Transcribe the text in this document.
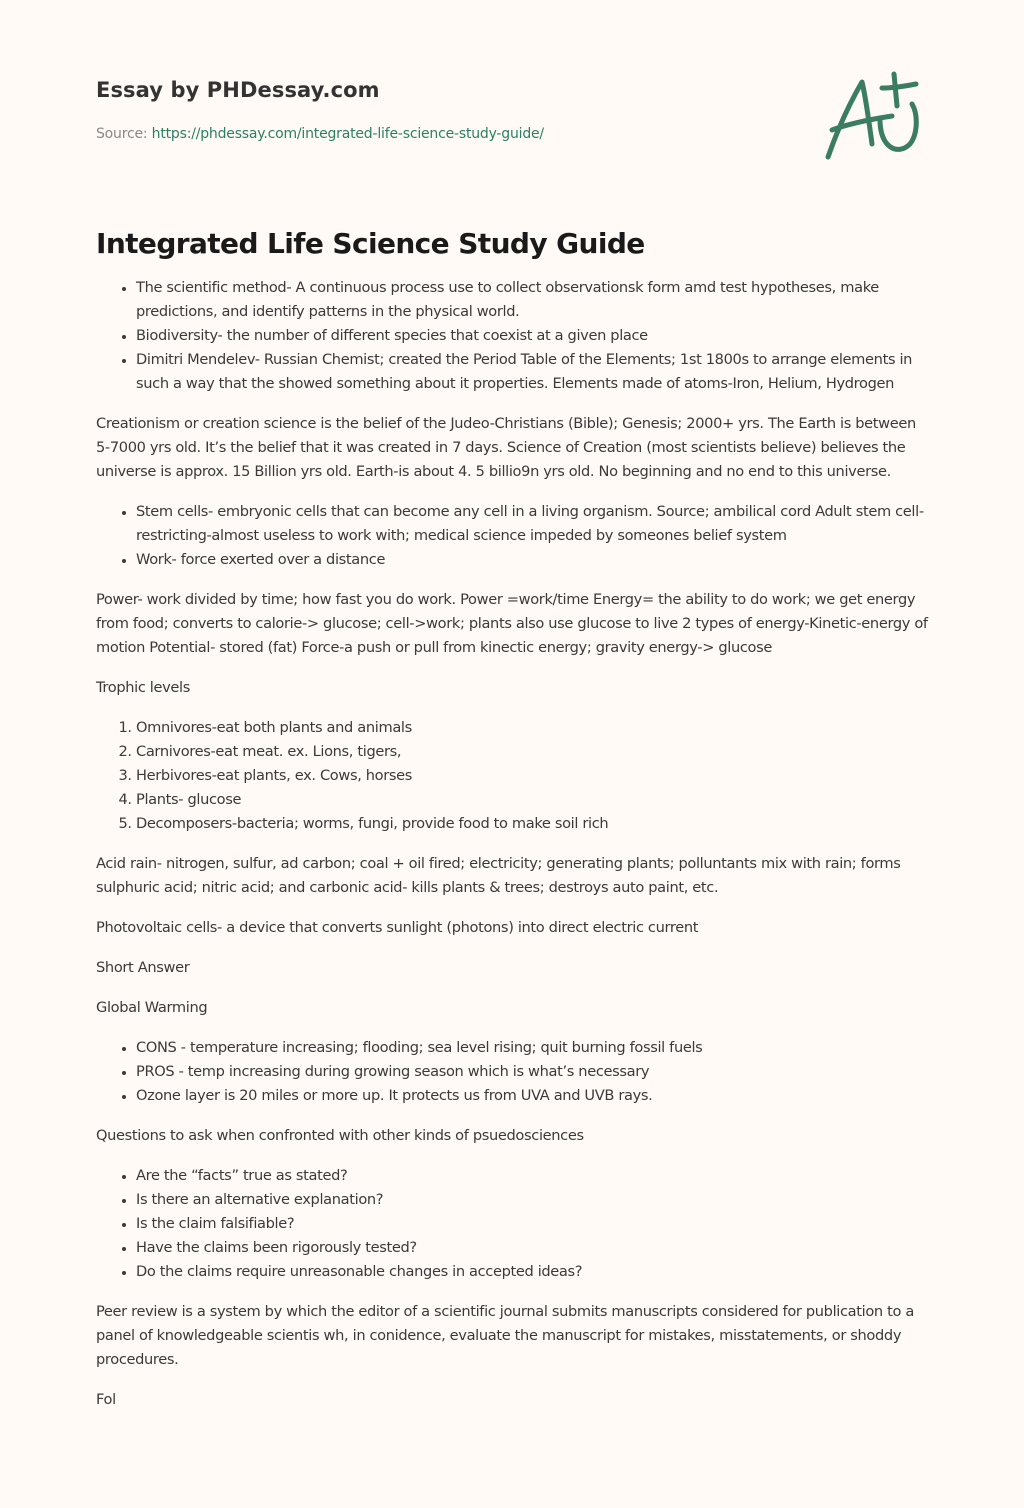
Essay by PHDessay.com
Source: https://phdessay.com/integrated-life-science-study-guide/
Integrated Life Science Study Guide
• The scientific method- A continuous process use to collect observationsk form amd test hypotheses, make predictions, and identify patterns in the physical world.
• Biodiversity- the number of different species that coexist at a given place
• Dimitri Mendelev- Russian Chemist; created the Period Table of the Elements; 1st 1800s to arrange elements in such a way that the showed something about it properties. Elements made of atoms-Iron, Helium, Hydrogen

Creationism or creation science is the belief of the Judeo-Christians (Bible); Genesis; 2000+ yrs. The Earth is between 5-7000 yrs old. It’s the belief that it was created in 7 days. Science of Creation (most scientists believe) believes the universe is approx. 15 Billion yrs old. Earth-is about 4. 5 billio9n yrs old. No beginning and no end to this universe.

• Stem cells- embryonic cells that can become any cell in a living organism. Source; ambilical cord Adult stem cell-restricting-almost useless to work with; medical science impeded by someones belief system
• Work- force exerted over a distance

Power- work divided by time; how fast you do work. Power =work/time Energy= the ability to do work; we get energy from food; converts to calorie-> glucose; cell->work; plants also use glucose to live 2 types of energy-Kinetic-energy of motion Potential- stored (fat) Force-a push or pull from kinectic energy; gravity energy-> glucose

Trophic levels

1. Omnivores-eat both plants and animals
2. Carnivores-eat meat. ex. Lions, tigers,
3. Herbivores-eat plants, ex. Cows, horses
4. Plants- glucose
5. Decomposers-bacteria; worms, fungi, provide food to make soil rich

Acid rain- nitrogen, sulfur, ad carbon; coal + oil fired; electricity; generating plants; polluntants mix with rain; forms sulphuric acid; nitric acid; and carbonic acid- kills plants & trees; destroys auto paint, etc.

Photovoltaic cells- a device that converts sunlight (photons) into direct electric current

Short Answer

Global Warming

• CONS - temperature increasing; flooding; sea level rising; quit burning fossil fuels
• PROS - temp increasing during growing season which is what’s necessary
• Ozone layer is 20 miles or more up. It protects us from UVA and UVB rays.

Questions to ask when confronted with other kinds of psuedosciences

• Are the “facts” true as stated?
• Is there an alternative explanation?
• Is the claim falsifiable?
• Have the claims been rigorously tested?
• Do the claims require unreasonable changes in accepted ideas?

Peer review is a system by which the editor of a scientific journal submits manuscripts considered for publication to a panel of knowledgeable scientis wh, in conidence, evaluate the manuscript for mistakes, misstatements, or shoddy procedures.

Fol
